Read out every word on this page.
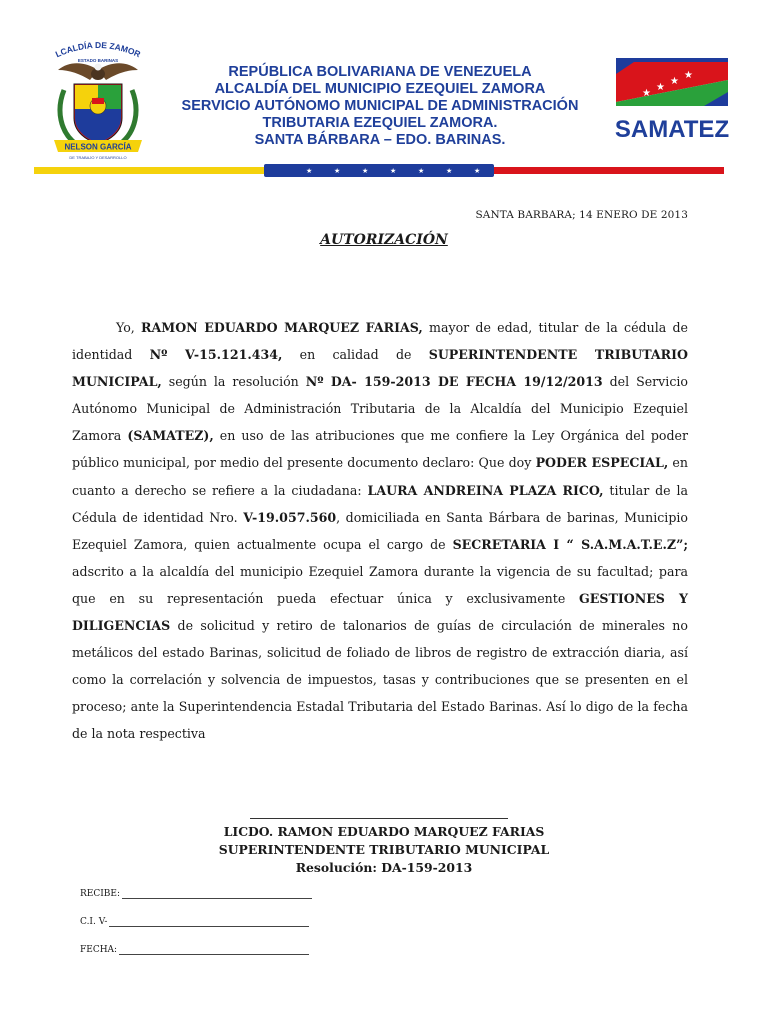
LCALDÍA DE ZAMOR
ESTADO BARINAS
NELSON GARCÍA
DE TRABAJO Y DESARROLLO
REPÚBLICA BOLIVARIANA DE VENEZUELA
ALCALDÍA DEL MUNICIPIO EZEQUIEL ZAMORA
SERVICIO AUTÓNOMO MUNICIPAL DE ADMINISTRACIÓN
TRIBUTARIA EZEQUIEL ZAMORA.
SANTA BÁRBARA – EDO. BARINAS.
★
★
★
★
SAMATEZ
★	★	★	★	★	★	★
SANTA BARBARA; 14 ENERO DE 2013
AUTORIZACIÓN

Yo, RAMON EDUARDO MARQUEZ FARIAS, mayor de edad, titular de la cédula de identidad Nº V-15.121.434, en calidad de SUPERINTENDENTE TRIBUTARIO MUNICIPAL, según la resolución Nº DA- 159-2013 DE FECHA 19/12/2013 del Servicio Autónomo Municipal de Administración Tributaria de la Alcaldía del Municipio Ezequiel Zamora (SAMATEZ), en uso de las atribuciones que me confiere la Ley Orgánica del poder público municipal, por medio del presente documento declaro: Que doy PODER ESPECIAL, en cuanto a derecho se refiere a la ciudadana: LAURA ANDREINA PLAZA RICO, titular de la Cédula de identidad Nro. V-19.057.560, domiciliada en Santa Bárbara de barinas, Municipio Ezequiel Zamora, quien actualmente ocupa el cargo de SECRETARIA I “ S.A.M.A.T.E.Z”; adscrito a la alcaldía del municipio Ezequiel Zamora durante la vigencia de su facultad; para que en su representación pueda efectuar única y exclusivamente GESTIONES Y DILIGENCIAS de solicitud y retiro de talonarios de guías de circulación de minerales no metálicos del estado Barinas, solicitud de foliado de libros de registro de extracción diaria, así como la correlación y solvencia de impuestos, tasas y contribuciones que se presenten en el proceso; ante la Superintendencia Estadal Tributaria del Estado Barinas. Así lo digo de la fecha de la nota respectiva

LICDO. RAMON EDUARDO MARQUEZ FARIAS
SUPERINTENDENTE TRIBUTARIO MUNICIPAL
Resolución: DA-159-2013
RECIBE:
C.I. V-
FECHA:
